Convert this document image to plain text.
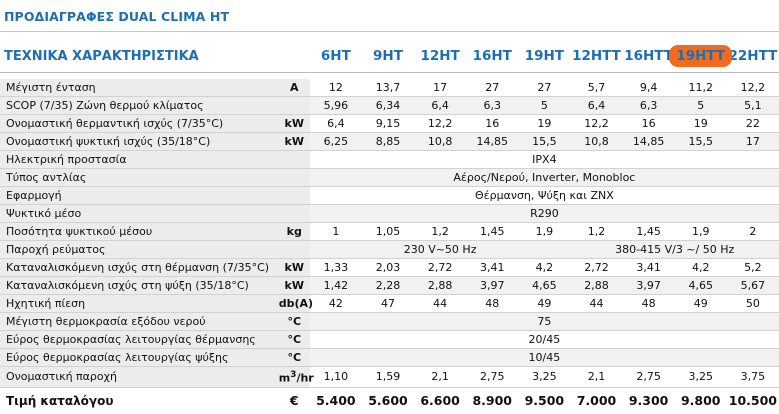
ΠΡΟΔΙΑΓΡΑΦΕΣ DUAL CLIMA HT
ΤΕΧΝΙΚΑ ΧΑΡΑΚΤΗΡΙΣΤΙΚΑ		6HT	9HT	12HT	16HT	19HT	12HTT	16HTT	19HTT	22HTT

Μέγιστη ένταση	A	12	13,7	17	27	27	5,7	9,4	11,2	12,2
SCOP (7/35) Ζώνη θερμού κλίματος		5,96	6,34	6,4	6,3	5	6,4	6,3	5	5,1
Ονομαστική θερμαντική ισχύς (7/35°C)	kW	6,4	9,15	12,2	16	19	12,2	16	19	22
Ονομαστική ψυκτική ισχύς (35/18°C)	kW	6,25	8,85	10,8	14,85	15,5	10,8	14,85	15,5	17
Ηλεκτρική προστασία		IPX4								
Τύπος αντλίας		Αέρος/Νερού, Inverter, Monobloc								
Εφαρμογή		Θέρμανση, Ψύξη και ZNX								
Ψυκτικό μέσο		R290								
Ποσότητα ψυκτικού μέσου	kg	1	1,05	1,2	1,45	1,9	1,2	1,45	1,9	2
Παροχή ρεύματος		230 V~50 Hz					380-415 V/3 ~/ 50 Hz			
Καταναλισκόμενη ισχύς στη θέρμανση (7/35°C)	kW	1,33	2,03	2,72	3,41	4,2	2,72	3,41	4,2	5,2
Καταναλισκόμενη ισχύς στη ψύξη (35/18°C)	kW	1,42	2,28	2,88	3,97	4,65	2,88	3,97	4,65	5,67
Ηχητική πίεση	db(A)	42	47	44	48	49	44	48	49	50
Μέγιστη θερμοκρασία εξόδου νερού	°C	75								
Εύρος θερμοκρασίας λειτουργίας θέρμανσης	°C	20/45								
Εύρος θερμοκρασίας λειτουργίας ψύξης	°C	10/45								
Ονομαστική παροχή	$m^3/hr$	1,10	1,59	2,1	2,75	3,25	2,1	2,75	3,25	3,75
Τιμή καταλόγου	€	5.400	5.600	6.600	8.900	9.500	7.000	9.300	9.800	10.500
